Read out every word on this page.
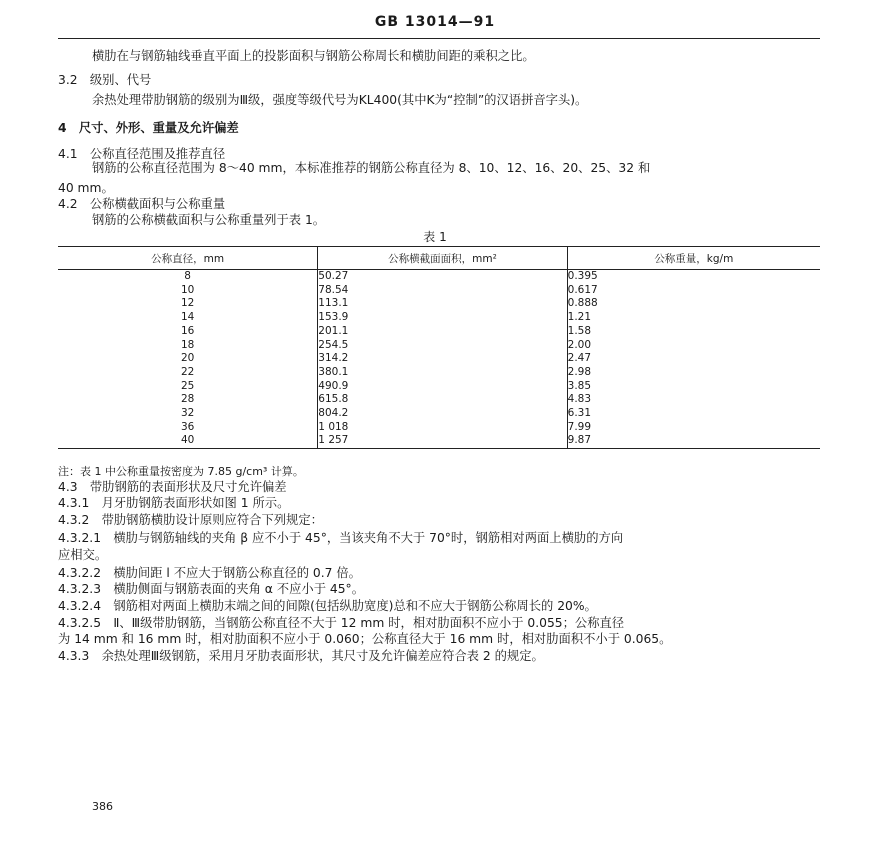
GB 13014—91
横肋在与钢筋轴线垂直平面上的投影面积与钢筋公称周长和横肋间距的乘积之比。
3.2　级别、代号
余热处理带肋钢筋的级别为Ⅲ级，强度等级代号为KL400(其中K为“控制”的汉语拼音字头)。
4　尺寸、外形、重量及允许偏差
4.1　公称直径范围及推荐直径
钢筋的公称直径范围为 8～40 mm，本标准推荐的钢筋公称直径为 8、10、12、16、20、25、32 和
40 mm。
4.2　公称横截面积与公称重量
钢筋的公称横截面积与公称重量列于表 1。
表 1
公称直径，mm	公称横截面面积，mm²	公称重量，kg/m
8	50.27	0.395
10	78.54	0.617
12	113.1	0.888
14	153.9	1.21
16	201.1	1.58
18	254.5	2.00
20	314.2	2.47
22	380.1	2.98
25	490.9	3.85
28	615.8	4.83
32	804.2	6.31
36	1 018	7.99
40	1 257	9.87
注：表 1 中公称重量按密度为 7.85 g/cm³ 计算。
4.3　带肋钢筋的表面形状及尺寸允许偏差
4.3.1　月牙肋钢筋表面形状如图 1 所示。
4.3.2　带肋钢筋横肋设计原则应符合下列规定：
4.3.2.1　横肋与钢筋轴线的夹角 β 应不小于 45°，当该夹角不大于 70°时，钢筋相对两面上横肋的方向
应相交。
4.3.2.2　横肋间距 l 不应大于钢筋公称直径的 0.7 倍。
4.3.2.3　横肋侧面与钢筋表面的夹角 α 不应小于 45°。
4.3.2.4　钢筋相对两面上横肋末端之间的间隙(包括纵肋宽度)总和不应大于钢筋公称周长的 20%。
4.3.2.5　Ⅱ、Ⅲ级带肋钢筋，当钢筋公称直径不大于 12 mm 时，相对肋面积不应小于 0.055；公称直径
为 14 mm 和 16 mm 时，相对肋面积不应小于 0.060；公称直径大于 16 mm 时，相对肋面积不小于 0.065。
4.3.3　余热处理Ⅲ级钢筋，采用月牙肋表面形状，其尺寸及允许偏差应符合表 2 的规定。
386
